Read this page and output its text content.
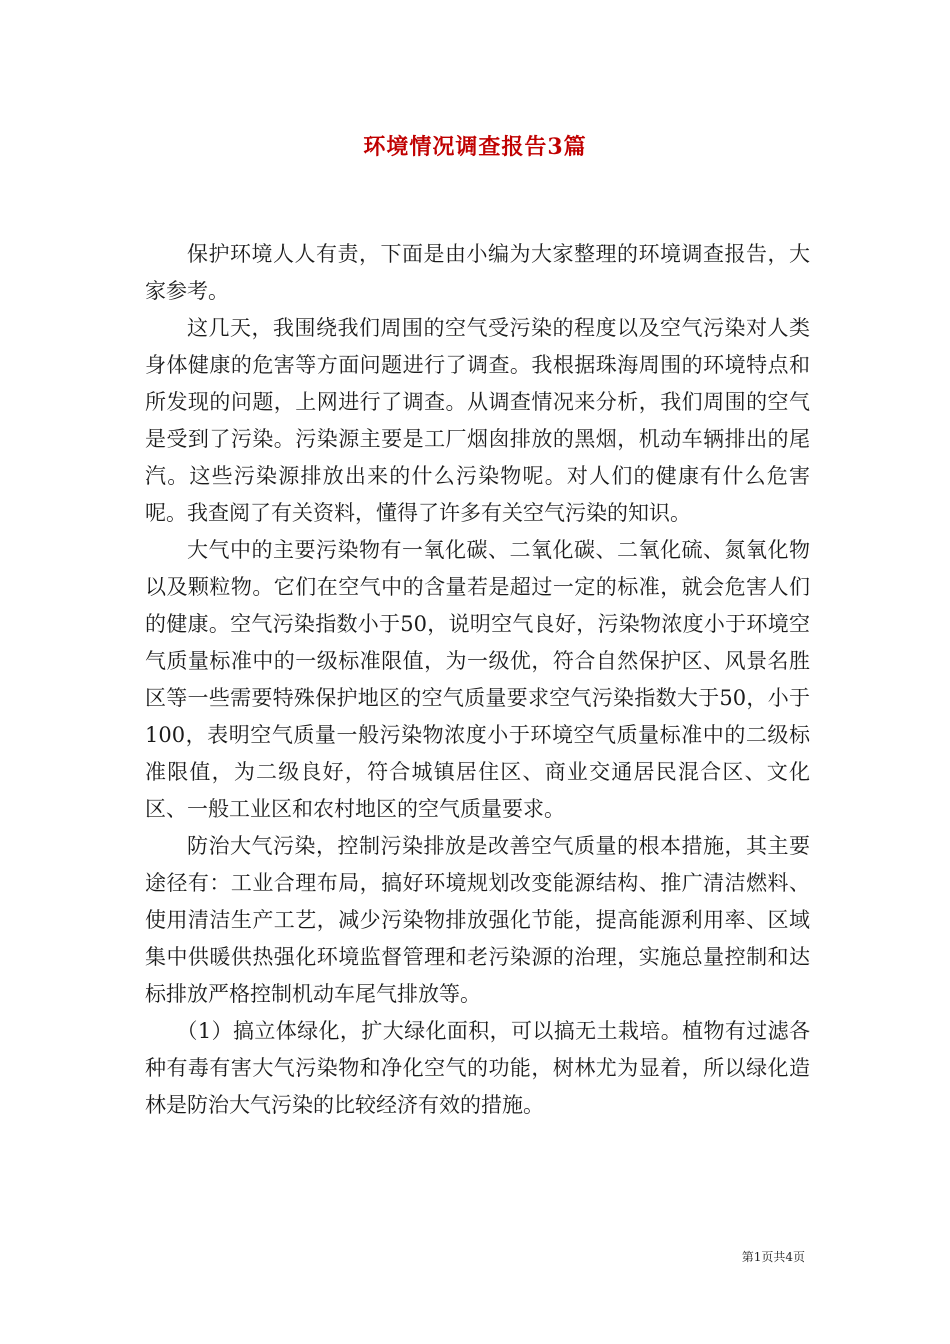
环境情况调查报告3篇

保护环境人人有责，下面是由小编为大家整理的环境调查报告，大家参考。

这几天，我围绕我们周围的空气受污染的程度以及空气污染对人类身体健康的危害等方面问题进行了调查。我根据珠海周围的环境特点和所发现的问题，上网进行了调查。从调查情况来分析，我们周围的空气是受到了污染。污染源主要是工厂烟囱排放的黑烟，机动车辆排出的尾汽。这些污染源排放出来的什么污染物呢。对人们的健康有什么危害呢。我查阅了有关资料，懂得了许多有关空气污染的知识。

大气中的主要污染物有一氧化碳、二氧化碳、二氧化硫、氮氧化物以及颗粒物。它们在空气中的含量若是超过一定的标准，就会危害人们的健康。空气污染指数小于50，说明空气良好，污染物浓度小于环境空气质量标准中的一级标准限值，为一级优，符合自然保护区、风景名胜区等一些需要特殊保护地区的空气质量要求空气污染指数大于50，小于100，表明空气质量一般污染物浓度小于环境空气质量标准中的二级标准限值，为二级良好，符合城镇居住区、商业交通居民混合区、文化区、一般工业区和农村地区的空气质量要求。

防治大气污染，控制污染排放是改善空气质量的根本措施，其主要途径有：工业合理布局，搞好环境规划改变能源结构、推广清洁燃料、使用清洁生产工艺，减少污染物排放强化节能，提高能源利用率、区域集中供暖供热强化环境监督管理和老污染源的治理，实施总量控制和达标排放严格控制机动车尾气排放等。

（1）搞立体绿化，扩大绿化面积，可以搞无土栽培。植物有过滤各种有毒有害大气污染物和净化空气的功能，树林尤为显着，所以绿化造林是防治大气污染的比较经济有效的措施。

第1页共4页
